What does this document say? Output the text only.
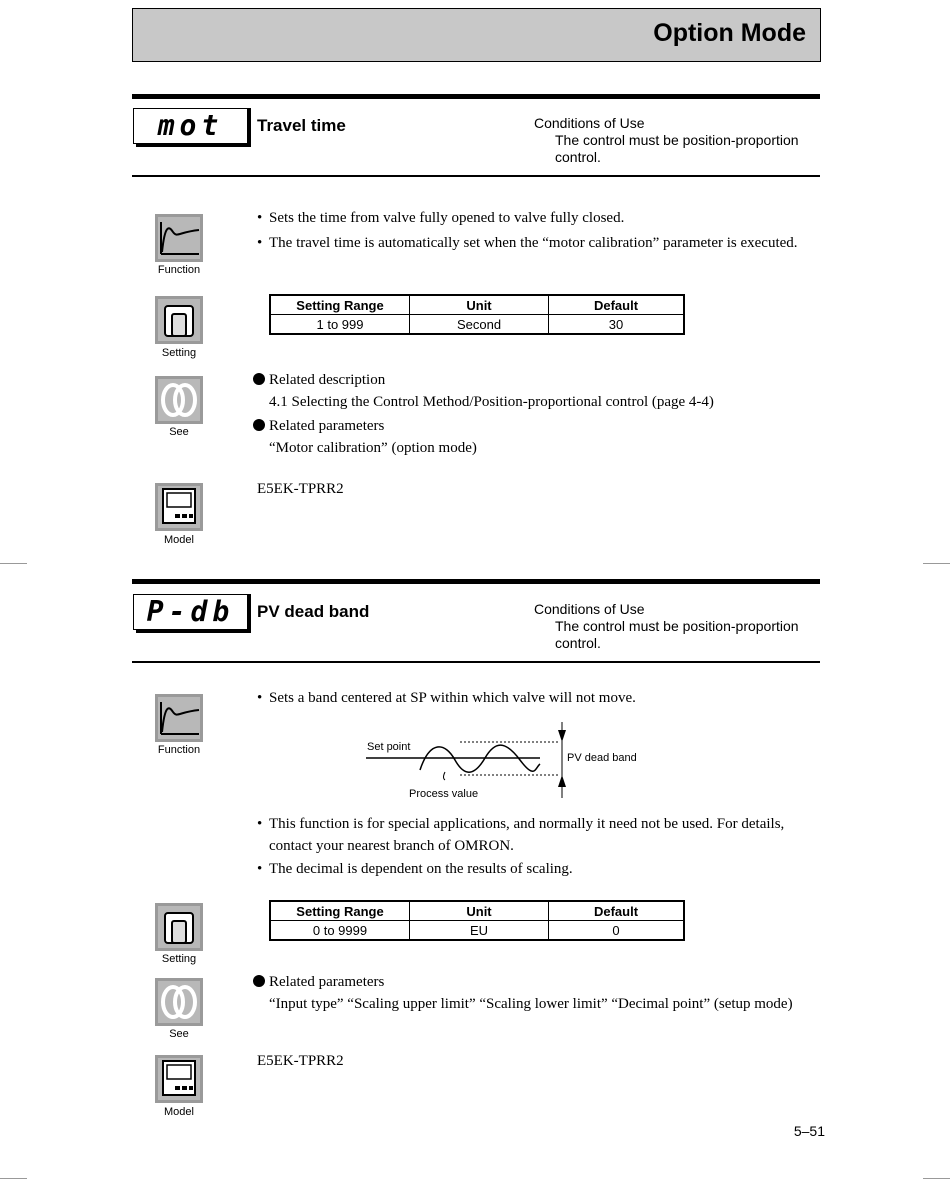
Option Mode
mot	Travel time	Conditions of Use
The control must be position-proportion control.
Function
• Sets the time from valve fully opened to valve fully closed.
• The travel time is automatically set when the “motor calibration” parameter is executed.
Setting
Setting Range	Unit	Default
1 to 999	Second	30
See
Related description
4.1 Selecting the Control Method/Position-proportional control (page 4-4)
Related parameters
“Motor calibration” (option mode)
Model
E5EK-TPRR2
P-db	PV dead band	Conditions of Use
The control must be position-proportion control.
Function
• Sets a band centered at SP within which valve will not move.
Set point
Process value
PV dead band
• This function is for special applications, and normally it need not be used. For details, contact your nearest branch of OMRON.
• The decimal is dependent on the results of scaling.
Setting
Setting Range	Unit	Default
0 to 9999	EU	0
See
Related parameters
“Input type” “Scaling upper limit” “Scaling lower limit” “Decimal point” (setup mode)
Model
E5EK-TPRR2
5–51
